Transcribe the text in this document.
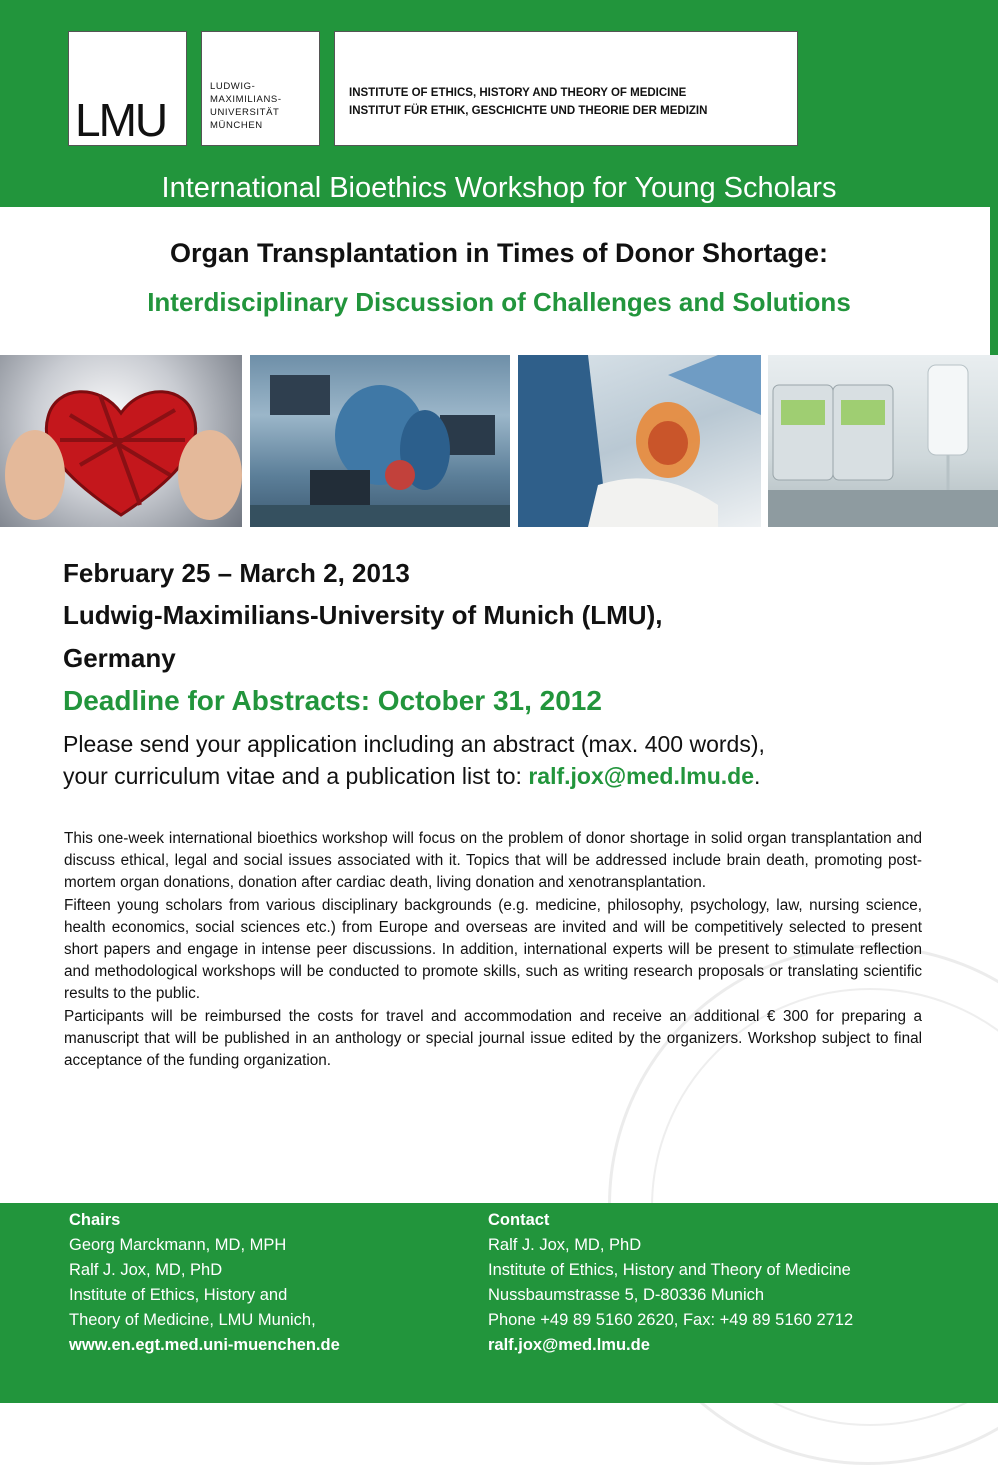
LMU
LUDWIG-
MAXIMILIANS-
UNIVERSITÄT
MÜNCHEN
INSTITUTE OF ETHICS, HISTORY AND THEORY OF MEDICINE
INSTITUT FÜR ETHIK, GESCHICHTE UND THEORIE DER MEDIZIN
International Bioethics Workshop for Young Scholars
Organ Transplantation in Times of Donor Shortage:
Interdisciplinary Discussion of Challenges and Solutions
February 25 – March 2, 2013
Ludwig-Maximilians-University of Munich (LMU),
Germany
Deadline for Abstracts: October 31, 2012
Please send your application including an abstract (max. 400 words),
your curriculum vitae and a publication list to: ralf.jox@med.lmu.de.

This one-week international bioethics workshop will focus on the problem of donor shortage in solid organ transplantation and discuss ethical, legal and social issues associated with it. Topics that will be addressed include brain death, promoting post-mortem organ donations, donation after cardiac death, living donation and xenotransplantation.

Fifteen young scholars from various disciplinary backgrounds (e.g. medicine, philosophy, psychology, law, nursing science, health economics, social sciences etc.) from Europe and overseas are invited and will be competitively selected to present short papers and engage in intense peer discussions. In addition, international experts will be present to stimulate reflection and methodological workshops will be conducted to promote skills, such as writing research proposals or translating scientific results to the public.

Participants will be reimbursed the costs for travel and accommodation and receive an additional € 300 for preparing a manuscript that will be published in an anthology or special journal issue edited by the organizers. Workshop subject to final acceptance of the funding organization.

Chairs
Georg Marckmann, MD, MPH
Ralf J. Jox, MD, PhD
Institute of Ethics, History and
Theory of Medicine, LMU Munich,
www.en.egt.med.uni-muenchen.de
Contact
Ralf J. Jox, MD, PhD
Institute of Ethics, History and Theory of Medicine
Nussbaumstrasse 5, D-80336 Munich
Phone +49 89 5160 2620, Fax: +49 89 5160 2712
ralf.jox@med.lmu.de
